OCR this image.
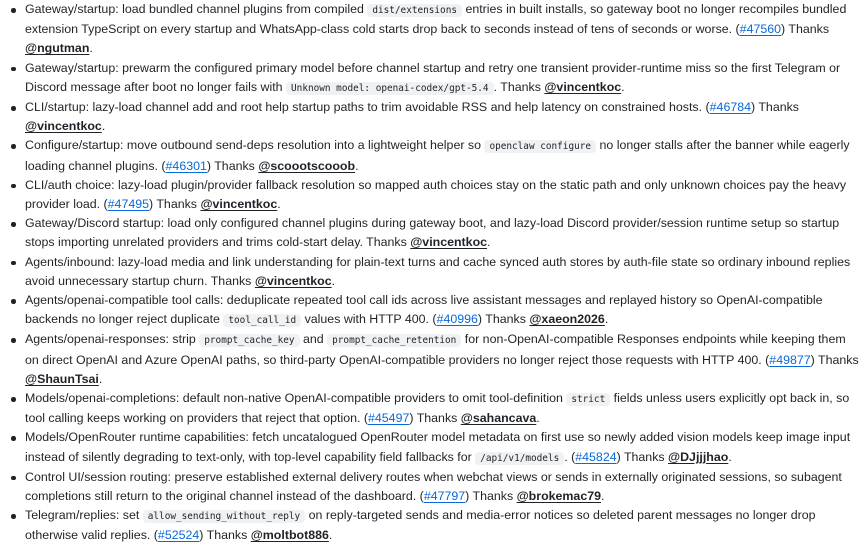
Gateway/startup: load bundled channel plugins from compiled dist/extensions entries in built installs, so gateway boot no longer recompiles bundled extension TypeScript on every startup and WhatsApp-class cold starts drop back to seconds instead of tens of seconds or worse. (#47560) Thanks @ngutman.
Gateway/startup: prewarm the configured primary model before channel startup and retry one transient provider-runtime miss so the first Telegram or Discord message after boot no longer fails with Unknown model: openai-codex/gpt-5.4 . Thanks @vincentkoc.
CLI/startup: lazy-load channel add and root help startup paths to trim avoidable RSS and help latency on constrained hosts. (#46784) Thanks @vincentkoc.
Configure/startup: move outbound send-deps resolution into a lightweight helper so openclaw configure no longer stalls after the banner while eagerly loading channel plugins. (#46301) Thanks @scoootscooob.
CLI/auth choice: lazy-load plugin/provider fallback resolution so mapped auth choices stay on the static path and only unknown choices pay the heavy provider load. (#47495) Thanks @vincentkoc.
Gateway/Discord startup: load only configured channel plugins during gateway boot, and lazy-load Discord provider/session runtime setup so startup stops importing unrelated providers and trims cold-start delay. Thanks @vincentkoc.
Agents/inbound: lazy-load media and link understanding for plain-text turns and cache synced auth stores by auth-file state so ordinary inbound replies avoid unnecessary startup churn. Thanks @vincentkoc.
Agents/openai-compatible tool calls: deduplicate repeated tool call ids across live assistant messages and replayed history so OpenAI-compatible backends no longer reject duplicate tool_call_id values with HTTP 400. (#40996) Thanks @xaeon2026.
Agents/openai-responses: strip prompt_cache_key and prompt_cache_retention for non-OpenAI-compatible Responses endpoints while keeping them on direct OpenAI and Azure OpenAI paths, so third-party OpenAI-compatible providers no longer reject those requests with HTTP 400. (#49877) Thanks @ShaunTsai.
Models/openai-completions: default non-native OpenAI-compatible providers to omit tool-definition strict fields unless users explicitly opt back in, so tool calling keeps working on providers that reject that option. (#45497) Thanks @sahancava.
Models/OpenRouter runtime capabilities: fetch uncatalogued OpenRouter model metadata on first use so newly added vision models keep image input instead of silently degrading to text-only, with top-level capability field fallbacks for /api/v1/models . (#45824) Thanks @DJjjjhao.
Control UI/session routing: preserve established external delivery routes when webchat views or sends in externally originated sessions, so subagent completions still return to the original channel instead of the dashboard. (#47797) Thanks @brokemac79.
Telegram/replies: set allow_sending_without_reply on reply-targeted sends and media-error notices so deleted parent messages no longer drop otherwise valid replies. (#52524) Thanks @moltbot886.
